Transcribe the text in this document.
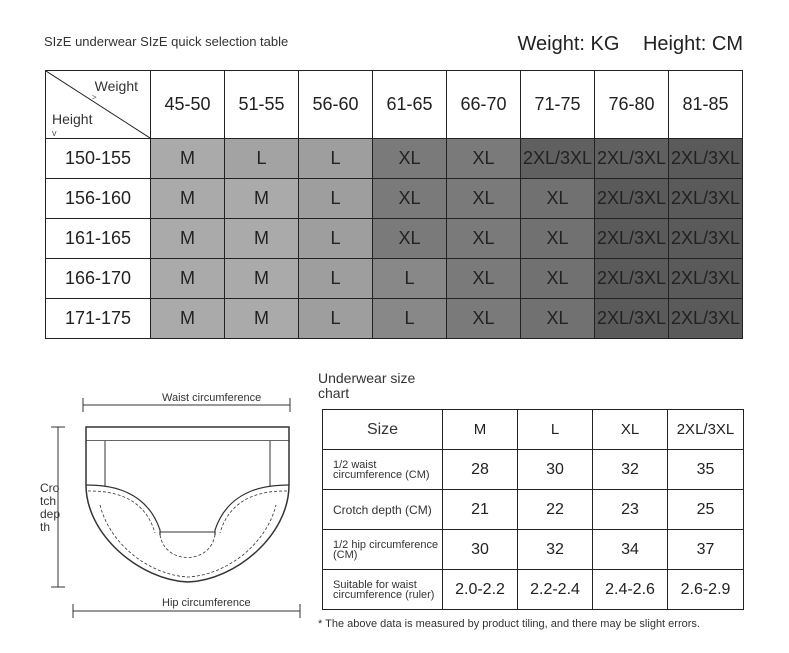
SIzE underwear SIzE quick selection table	Weight: KG Height: CM
Weight
>
Height
v	45-50	51-55	56-60	61-65	66-70	71-75	76-80	81-85
150-155	M	L	L	XL	XL	2XL/3XL	2XL/3XL	2XL/3XL
156-160	M	M	L	XL	XL	XL	2XL/3XL	2XL/3XL
161-165	M	M	L	XL	XL	XL	2XL/3XL	2XL/3XL
166-170	M	M	L	L	XL	XL	2XL/3XL	2XL/3XL
171-175	M	M	L	L	XL	XL	2XL/3XL	2XL/3XL
Waist circumference
Hip circumference
Cro tch dep th
Underwear size chart
Size	M	L	XL	2XL/3XL
1/2 waist circumference (CM)	28	30	32	35
Crotch depth (CM)	21	22	23	25
1/2 hip circumference (CM)	30	32	34	37
Suitable for waist circumference (ruler)	2.0-2.2	2.2-2.4	2.4-2.6	2.6-2.9
* The above data is measured by product tiling, and there may be slight errors.
